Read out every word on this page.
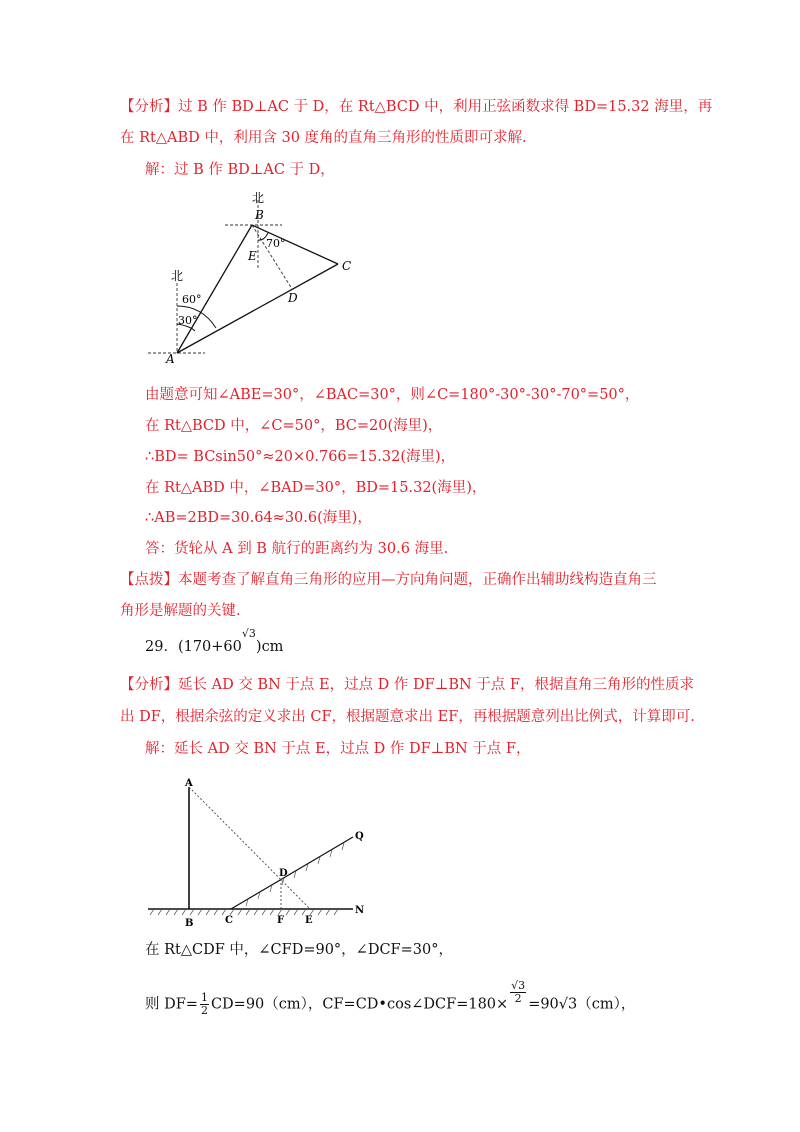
【分析】过 B 作 BD⊥AC 于 D，在 Rt△BCD 中，利用正弦函数求得 BD=15.32 海里，再
在 Rt△ABD 中，利用含 30 度角的直角三角形的性质即可求解.
解：过 B 作 BD⊥AC 于 D，
北
B
E
70°
C
D
北
60°
30°
A
由题意可知∠ABE=30°，∠BAC=30°，则∠C=180°-30°-30°-70°=50°，
在 Rt△BCD 中，∠C=50°，BC=20(海里)，
∴BD= BCsin50°≈20×0.766=15.32(海里)，
在 Rt△ABD 中，∠BAD=30°，BD=15.32(海里)，
∴AB=2BD=30.64≈30.6(海里)，
答：货轮从 A 到 B 航行的距离约为 30.6 海里.
【点拨】本题考查了解直角三角形的应用—方向角问题，正确作出辅助线构造直角三
角形是解题的关键.
29．$(170+60^{√3})cm$
【分析】延长 AD 交 BN 于点 E，过点 D 作 DF⊥BN 于点 F，根据直角三角形的性质求
出 DF，根据余弦的定义求出 CF，根据题意求出 EF，再根据题意列出比例式，计算即可.
解：延长 AD 交 BN 于点 E，过点 D 作 DF⊥BN 于点 F，
A
Q
D
N
B	C	F E
在 Rt△CDF 中，∠CFD=90°，∠DCF=30°，
则 $DF= \frac{1}{2} CD=90(cm)$，CF=CD•cos∠DCF=180× $\frac{√3}{2} =90√3(cm)$，
